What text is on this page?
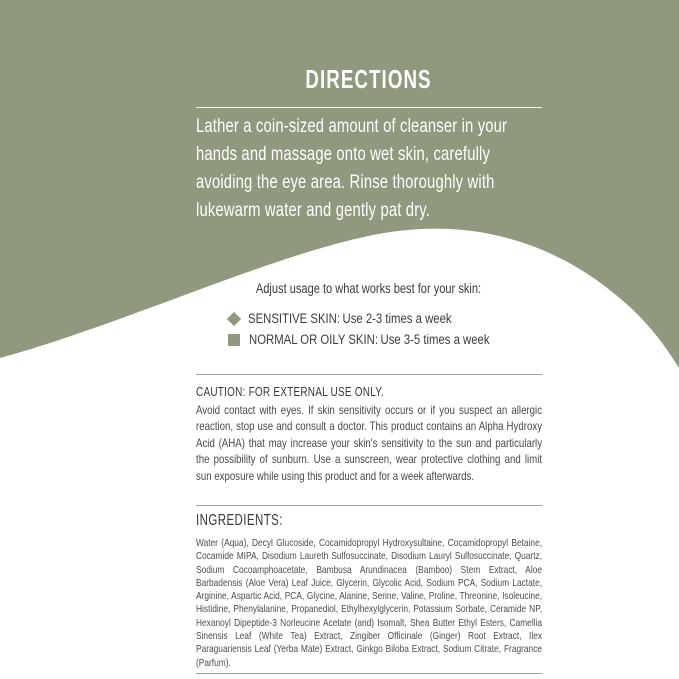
DIRECTIONS
Lather a coin-sized amount of cleanser in your hands and massage onto wet skin, carefully avoiding the eye area. Rinse thoroughly with lukewarm water and gently pat dry.
Adjust usage to what works best for your skin:
SENSITIVE SKIN: Use 2-3 times a week
NORMAL OR OILY SKIN: Use 3-5 times a week
CAUTION: FOR EXTERNAL USE ONLY.
Avoid contact with eyes. If skin sensitivity occurs or if you suspect an allergic reaction, stop use and consult a doctor. This product contains an Alpha Hydroxy Acid (AHA) that may increase your skin's sensitivity to the sun and particularly the possibility of sunburn. Use a sunscreen, wear protective clothing and limit sun exposure while using this product and for a week afterwards.
INGREDIENTS:
Water (Aqua), Decyl Glucoside, Cocamidopropyl Hydroxysultaine, Cocamidopropyl Betaine, Cocamide MIPA, Disodium Laureth Sulfosuccinate, Disodium Lauryl Sulfosuccinate, Quartz, Sodium Cocoamphoacetate, Bambusa Arundinacea (Bamboo) Stem Extract, Aloe Barbadensis (Aloe Vera) Leaf Juice, Glycerin, Glycolic Acid, Sodium PCA, Sodium Lactate, Arginine, Aspartic Acid, PCA, Glycine, Alanine, Serine, Valine, Proline, Threonine, Isoleucine, Histidine, Phenylalanine, Propanediol, Ethylhexylglycerin, Potassium Sorbate, Ceramide NP, Hexanoyl Dipeptide-3 Norleucine Acetate (and) Isomalt, Shea Butter Ethyl Esters, Camellia Sinensis Leaf (White Tea) Extract, Zingiber Officinale (Ginger) Root Extract, Ilex Paraguariensis Leaf (Yerba Mate) Extract, Ginkgo Biloba Extract, Sodium Citrate, Fragrance (Parfum).
